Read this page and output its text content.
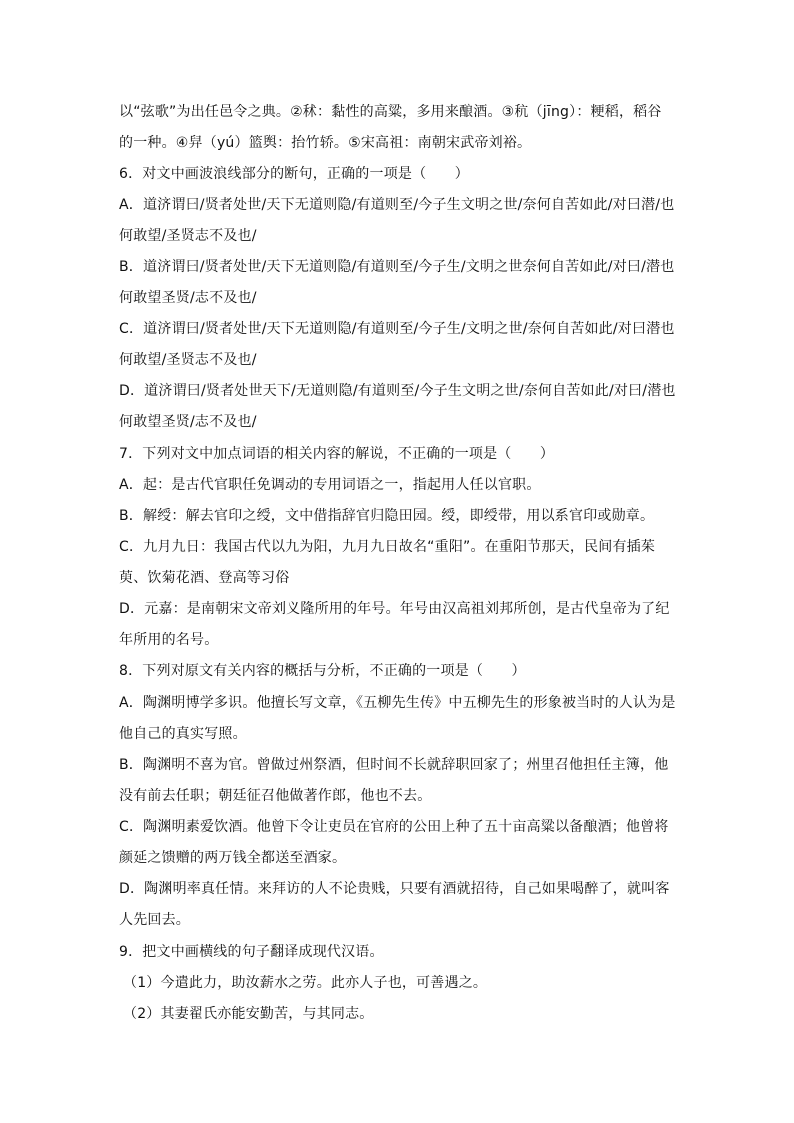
以“弦歌”为出任邑令之典。②秫：黏性的高粱，多用来酿酒。③秔（jīng）：粳稻，稻谷
的一种。④舁（yú）篮舆：抬竹轿。⑤宋高祖：南朝宋武帝刘裕。
6．对文中画波浪线部分的断句，正确的一项是（　　）
A．道济谓曰/贤者处世/天下无道则隐/有道则至/今子生文明之世/奈何自苦如此/对曰潜/也
何敢望/圣贤志不及也/
B．道济谓曰/贤者处世/天下无道则隐/有道则至/今子生/文明之世奈何自苦如此/对曰/潜也
何敢望圣贤/志不及也/
C．道济谓曰/贤者处世/天下无道则隐/有道则至/今子生/文明之世/奈何自苦如此/对曰潜也
何敢望/圣贤志不及也/
D．道济谓曰/贤者处世天下/无道则隐/有道则至/今子生文明之世/奈何自苦如此/对曰/潜也
何敢望圣贤/志不及也/
7．下列对文中加点词语的相关内容的解说，不正确的一项是（　　）
A．起：是古代官职任免调动的专用词语之一，指起用人任以官职。
B．解绶：解去官印之绶，文中借指辞官归隐田园。绶，即绶带，用以系官印或勋章。
C．九月九日：我国古代以九为阳，九月九日故名“重阳”。在重阳节那天，民间有插茱
萸、饮菊花酒、登高等习俗
D．元嘉：是南朝宋文帝刘义隆所用的年号。年号由汉高祖刘邦所创，是古代皇帝为了纪
年所用的名号。
8．下列对原文有关内容的概括与分析，不正确的一项是（　　）
A．陶渊明博学多识。他擅长写文章，《五柳先生传》中五柳先生的形象被当时的人认为是
他自己的真实写照。
B．陶渊明不喜为官。曾做过州祭酒，但时间不长就辞职回家了；州里召他担任主簿，他
没有前去任职；朝廷征召他做著作郎，他也不去。
C．陶渊明素爱饮酒。他曾下令让吏员在官府的公田上种了五十亩高粱以备酿酒；他曾将
颜延之馈赠的两万钱全都送至酒家。
D．陶渊明率真任情。来拜访的人不论贵贱，只要有酒就招待，自己如果喝醉了，就叫客
人先回去。
9．把文中画横线的句子翻译成现代汉语。
（1）今遣此力，助汝薪水之劳。此亦人子也，可善遇之。
（2）其妻翟氏亦能安勤苦，与其同志。
